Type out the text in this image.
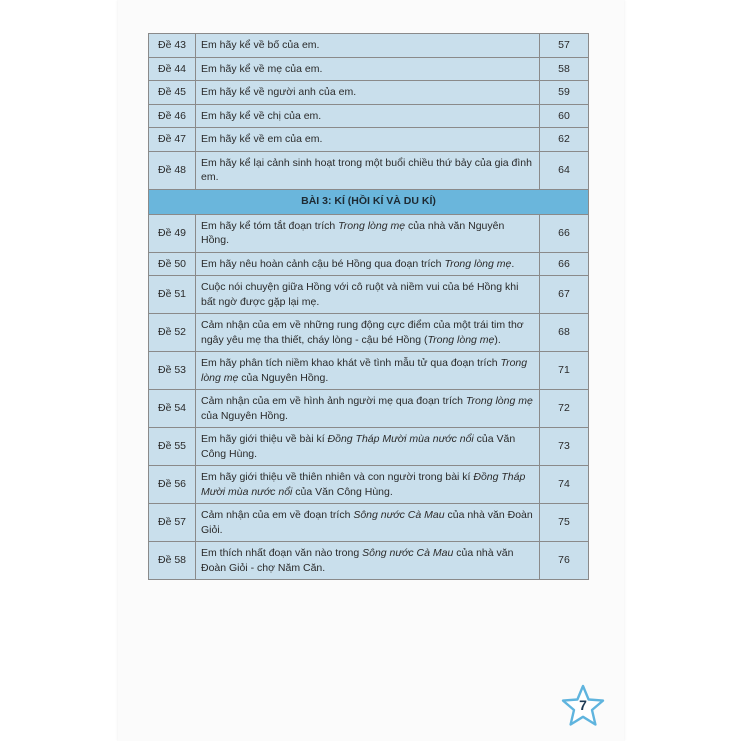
Đề 43	Em hãy kể về bố của em.	57
Đề 44	Em hãy kể về mẹ của em.	58
Đề 45	Em hãy kể về người anh của em.	59
Đề 46	Em hãy kể về chị của em.	60
Đề 47	Em hãy kể về em của em.	62
Đề 48	Em hãy kể lại cảnh sinh hoạt trong một buổi chiều thứ bảy của gia đình em.	64
BÀI 3: KÍ (HỒI KÍ VÀ DU KÍ)		
Đề 49	Em hãy kể tóm tắt đoạn trích Trong lòng mẹ của nhà văn Nguyên Hồng.	66
Đề 50	Em hãy nêu hoàn cảnh cậu bé Hồng qua đoạn trích Trong lòng mẹ.	66
Đề 51	Cuộc nói chuyện giữa Hồng với cô ruột và niềm vui của bé Hồng khi bất ngờ được gặp lại mẹ.	67
Đề 52	Cảm nhận của em về những rung động cực điểm của một trái tim thơ ngây yêu mẹ tha thiết, cháy lòng - cậu bé Hồng (Trong lòng mẹ).	68
Đề 53	Em hãy phân tích niềm khao khát về tình mẫu tử qua đoạn trích Trong lòng mẹ của Nguyên Hồng.	71
Đề 54	Cảm nhận của em về hình ảnh người mẹ qua đoạn trích Trong lòng mẹ của Nguyên Hồng.	72
Đề 55	Em hãy giới thiệu về bài kí Đồng Tháp Mười mùa nước nổi của Văn Công Hùng.	73
Đề 56	Em hãy giới thiệu về thiên nhiên và con người trong bài kí Đồng Tháp Mười mùa nước nổi của Văn Công Hùng.	74
Đề 57	Cảm nhận của em về đoạn trích Sông nước Cà Mau của nhà văn Đoàn Giỏi.	75
Đề 58	Em thích nhất đoạn văn nào trong Sông nước Cà Mau của nhà văn Đoàn Giỏi - chợ Năm Căn.	76
7
